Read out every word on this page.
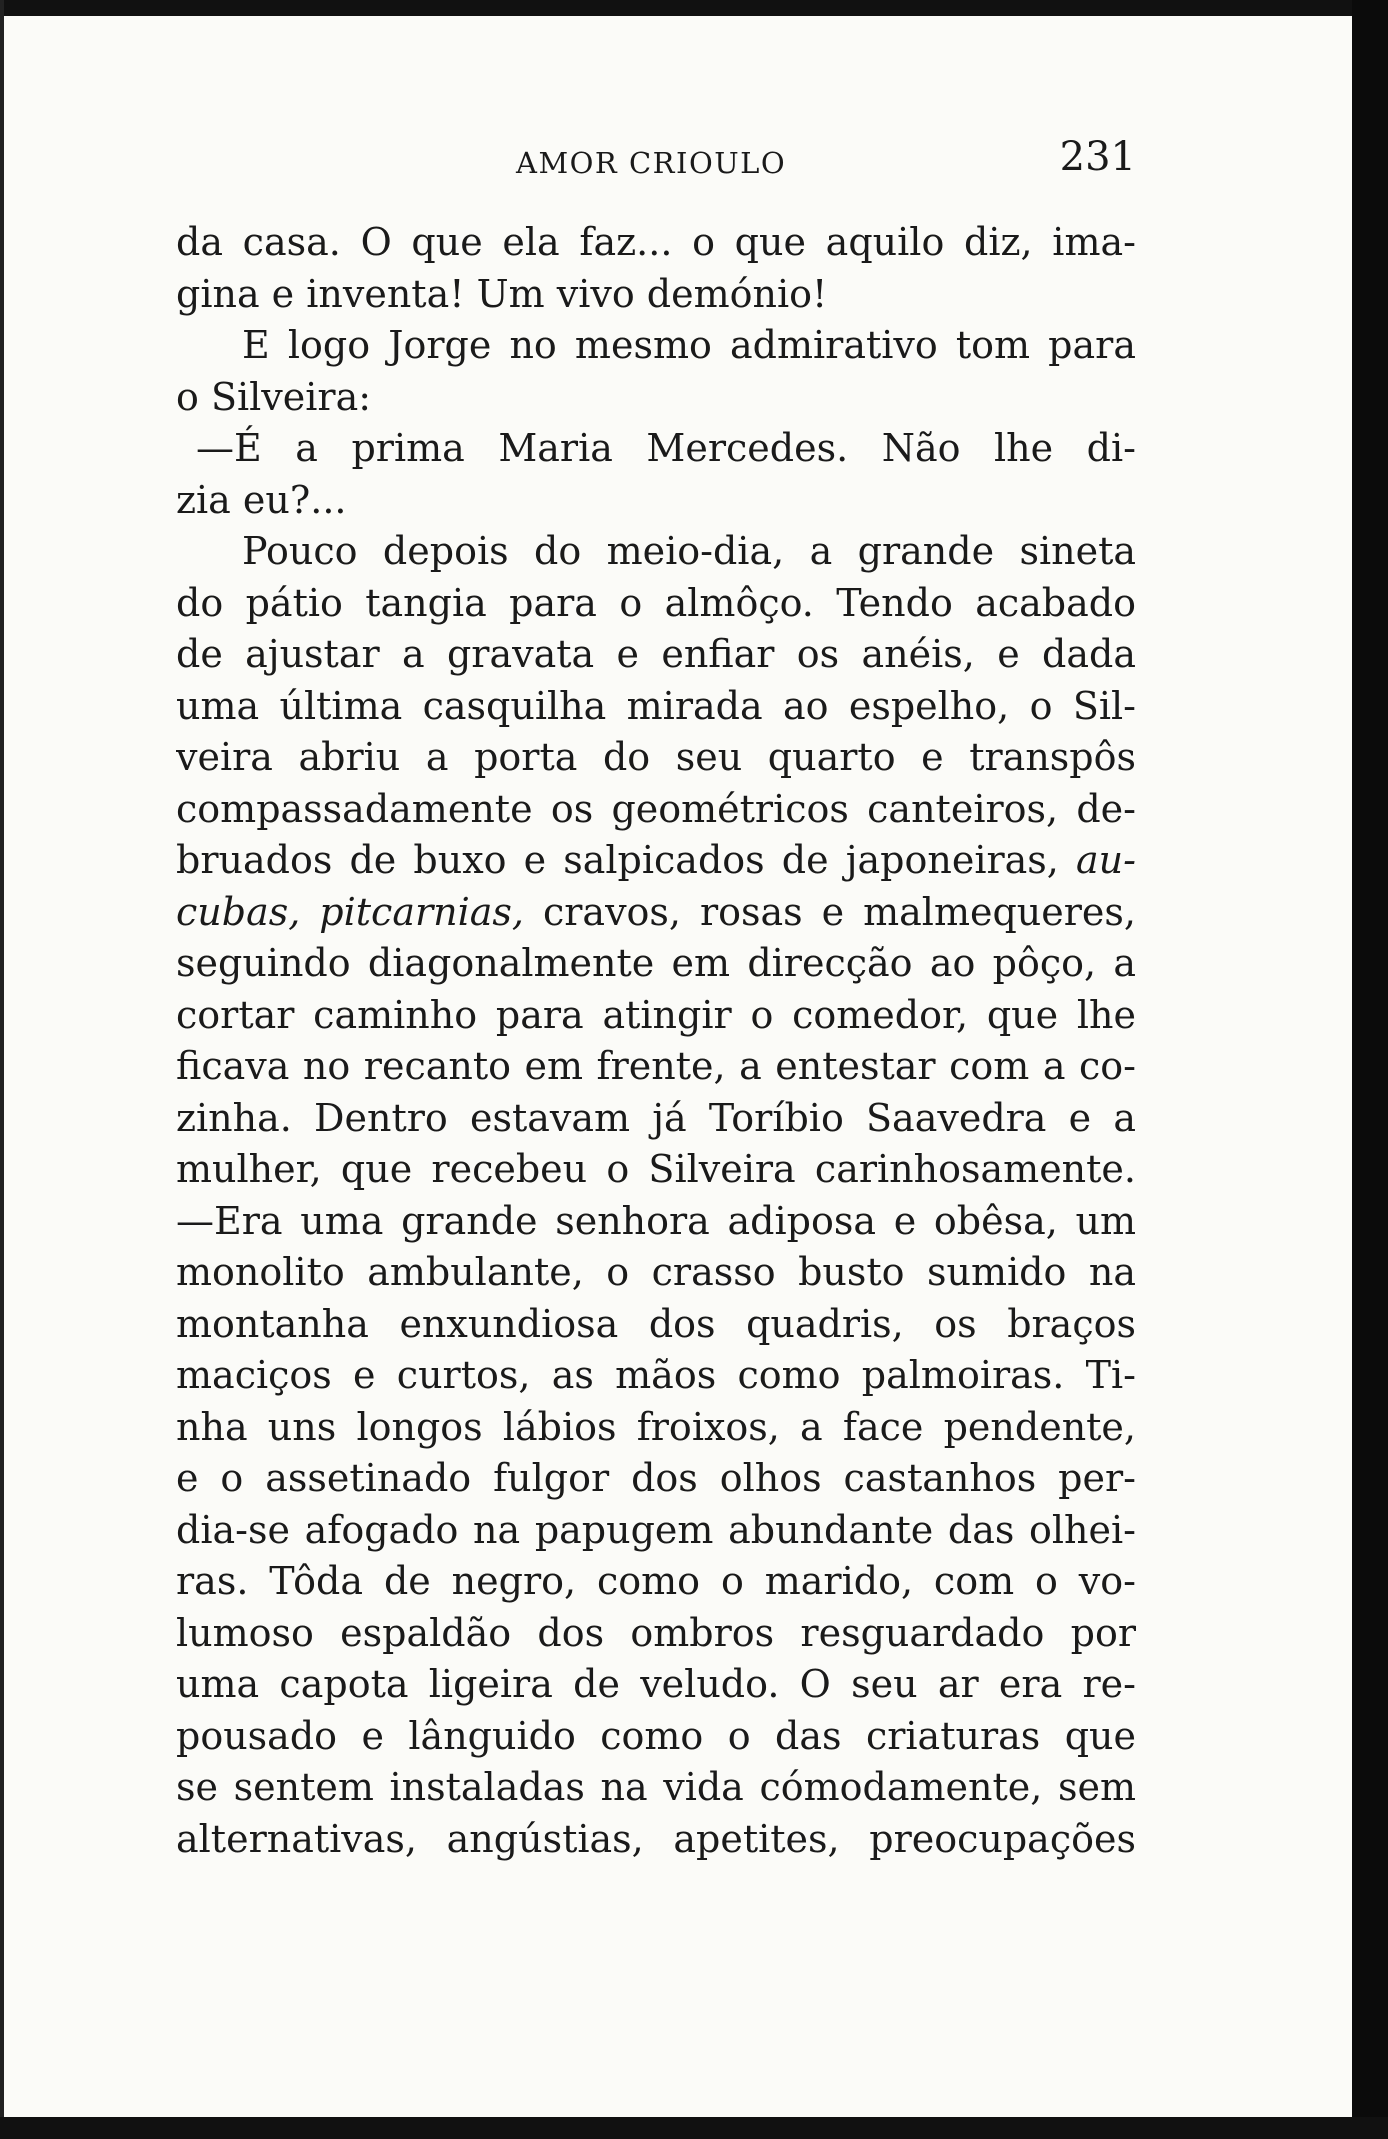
AMOR CRIOULO	231
da casa. O que ela faz... o que aquilo diz, ima-
gina e inventa! Um vivo demónio!
E logo Jorge no mesmo admirativo tom para
o Silveira:
—É a prima Maria Mercedes. Não lhe di-
zia eu?...
Pouco depois do meio-dia, a grande sineta
do pátio tangia para o almôço. Tendo acabado
de ajustar a gravata e enfiar os anéis, e dada
uma última casquilha mirada ao espelho, o Sil-
veira abriu a porta do seu quarto e transpôs
compassadamente os geométricos canteiros, de-
bruados de buxo e salpicados de japoneiras, au-
cubas, pitcarnias, cravos, rosas e malmequeres,
seguindo diagonalmente em direcção ao pôço, a
cortar caminho para atingir o comedor, que lhe
ficava no recanto em frente, a entestar com a co-
zinha. Dentro estavam já Toríbio Saavedra e a
mulher, que recebeu o Silveira carinhosamente.
—Era uma grande senhora adiposa e obêsa, um
monolito ambulante, o crasso busto sumido na
montanha enxundiosa dos quadris, os braços
maciços e curtos, as mãos como palmoiras. Ti-
nha uns longos lábios froixos, a face pendente,
e o assetinado fulgor dos olhos castanhos per-
dia-se afogado na papugem abundante das olhei-
ras. Tôda de negro, como o marido, com o vo-
lumoso espaldão dos ombros resguardado por
uma capota ligeira de veludo. O seu ar era re-
pousado e lânguido como o das criaturas que
se sentem instaladas na vida cómodamente, sem
alternativas, angústias, apetites, preocupações
